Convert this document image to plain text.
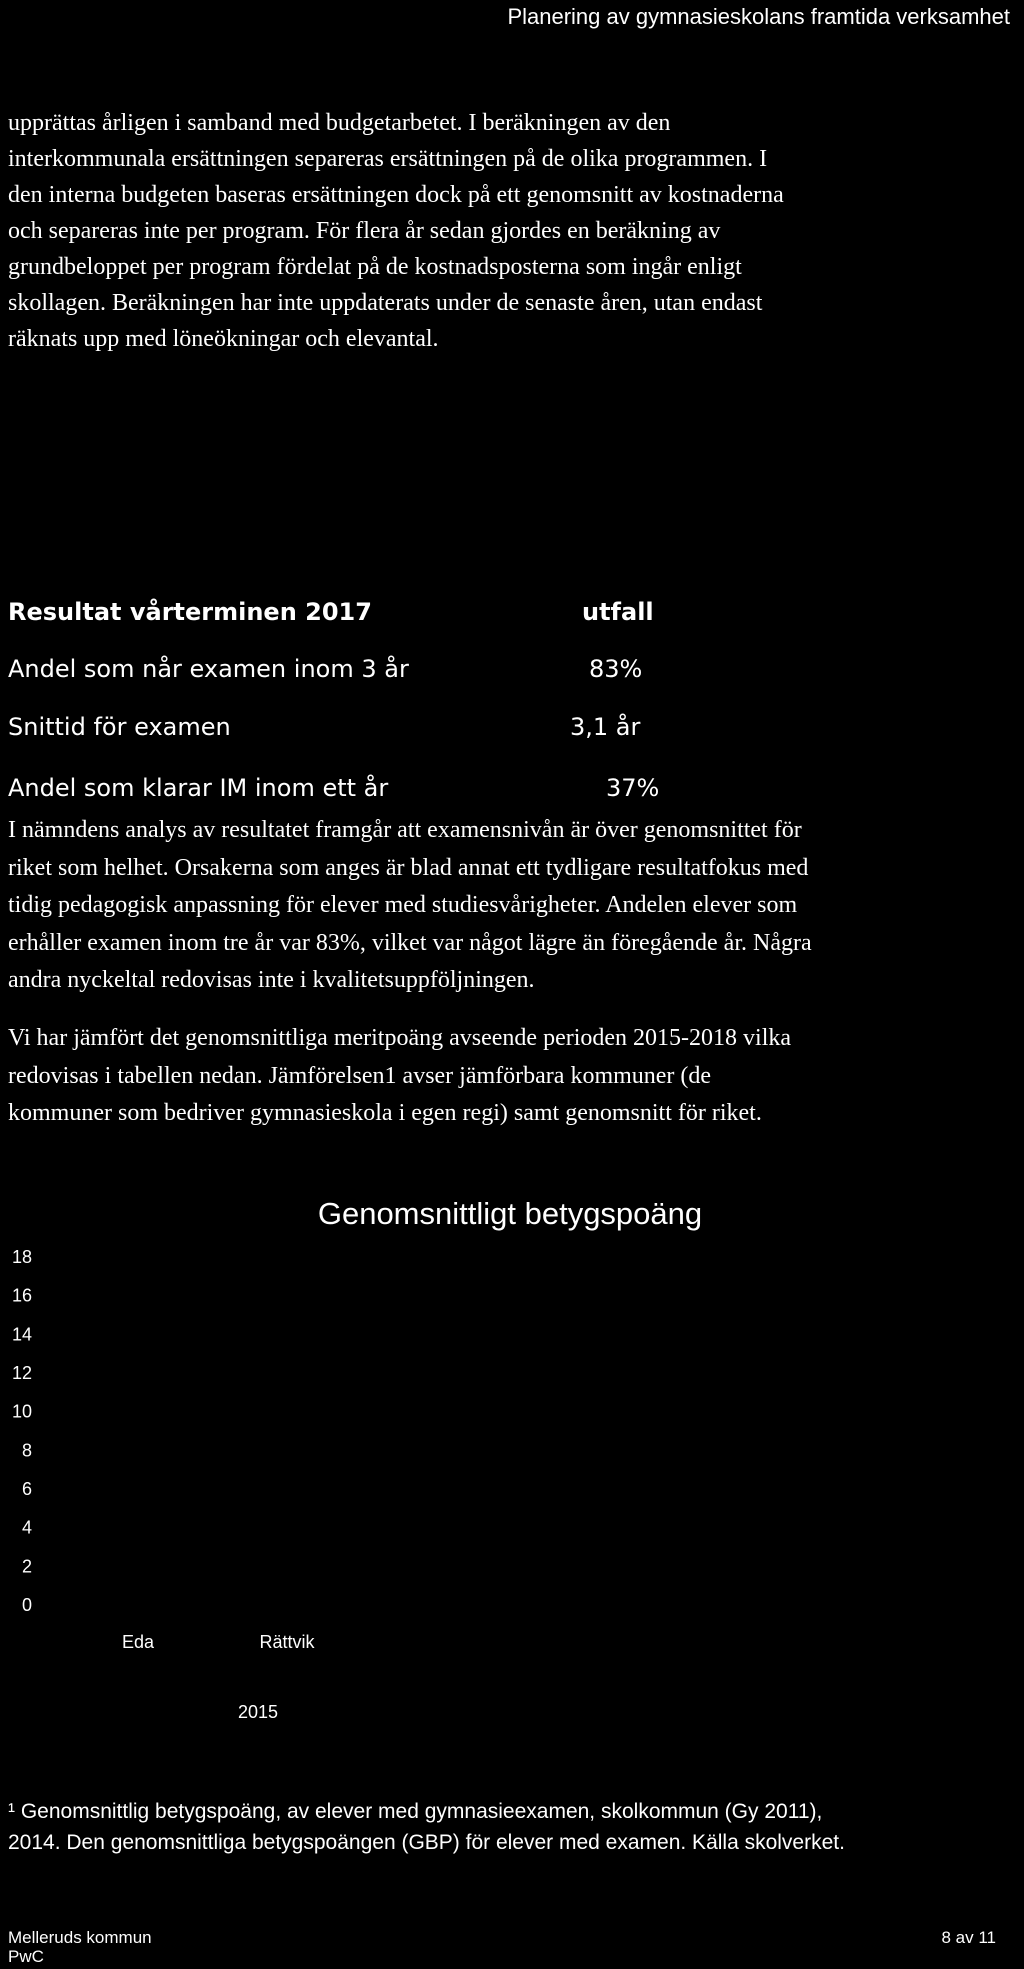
Planering av gymnasieskolans framtida verksamhet
upprättas årligen i samband med budgetarbetet. I beräkningen av den
interkommunala ersättningen separeras ersättningen på de olika programmen. I
den interna budgeten baseras ersättningen dock på ett genomsnitt av kostnaderna
och separeras inte per program. För flera år sedan gjordes en beräkning av
grundbeloppet per program fördelat på de kostnadsposterna som ingår enligt
skollagen. Beräkningen har inte uppdaterats under de senaste åren, utan endast
räknats upp med löneökningar och elevantal.
Resultat vårterminen 2017	utfall
Andel som når examen inom 3 år	83%
Snittid för examen	3,1 år
Andel som klarar IM inom ett år	37%
I nämndens analys av resultatet framgår att examensnivån är över genomsnittet för
riket som helhet. Orsakerna som anges är blad annat ett tydligare resultatfokus med
tidig pedagogisk anpassning för elever med studiesvårigheter. Andelen elever som
erhåller examen inom tre år var 83%, vilket var något lägre än föregående år. Några
andra nyckeltal redovisas inte i kvalitetsuppföljningen.
Vi har jämfört det genomsnittliga meritpoäng avseende perioden 2015-2018 vilka
redovisas i tabellen nedan. Jämförelsen1 avser jämförbara kommuner (de
kommuner som bedriver gymnasieskola i egen regi) samt genomsnitt för riket.
Genomsnittligt betygspoäng
0
2
4
6
8
10
12
14
16
18
Eda	Rättvik
2015
¹ Genomsnittlig betygspoäng, av elever med gymnasieexamen, skolkommun (Gy 2011),
2014. Den genomsnittliga betygspoängen (GBP) för elever med examen. Källa skolverket.
Melleruds kommun
PwC
8 av 11
